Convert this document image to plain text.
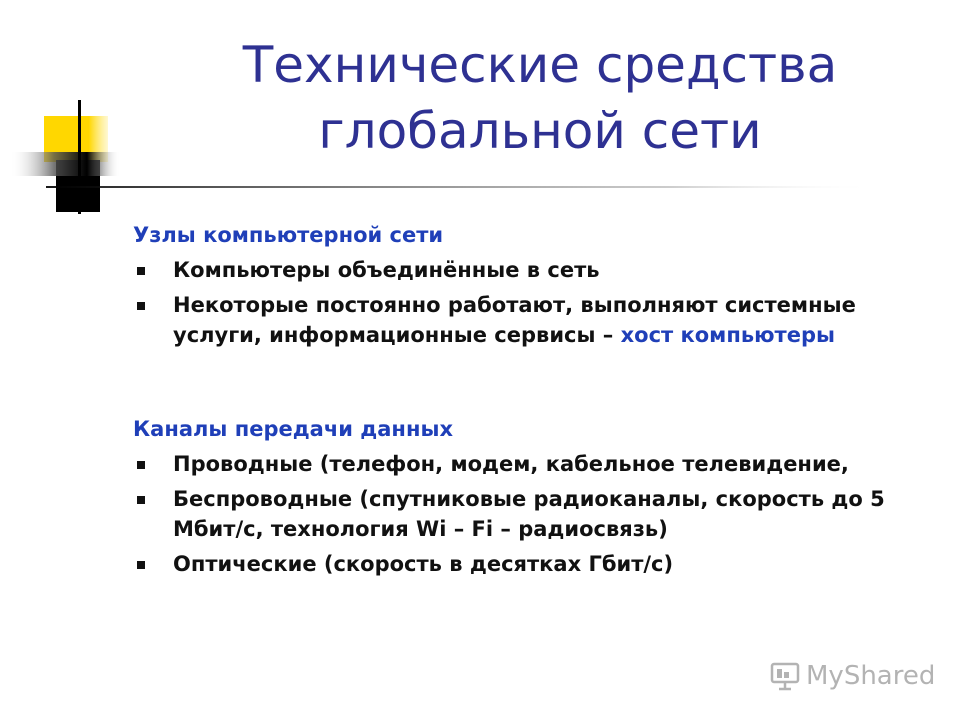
Технические средства
глобальной сети

Узлы компьютерной сети

Компьютеры объединённые в сеть
Некоторые постоянно работают, выполняют системные услуги, информационные сервисы – хост компьютеры

Каналы передачи данных

Проводные (телефон, модем, кабельное телевидение,
Беспроводные (спутниковые радиоканалы, скорость до 5 Мбит/с, технология Wi – Fi – радиосвязь)
Оптические (скорость в десятках Гбит/с)
MyShared
